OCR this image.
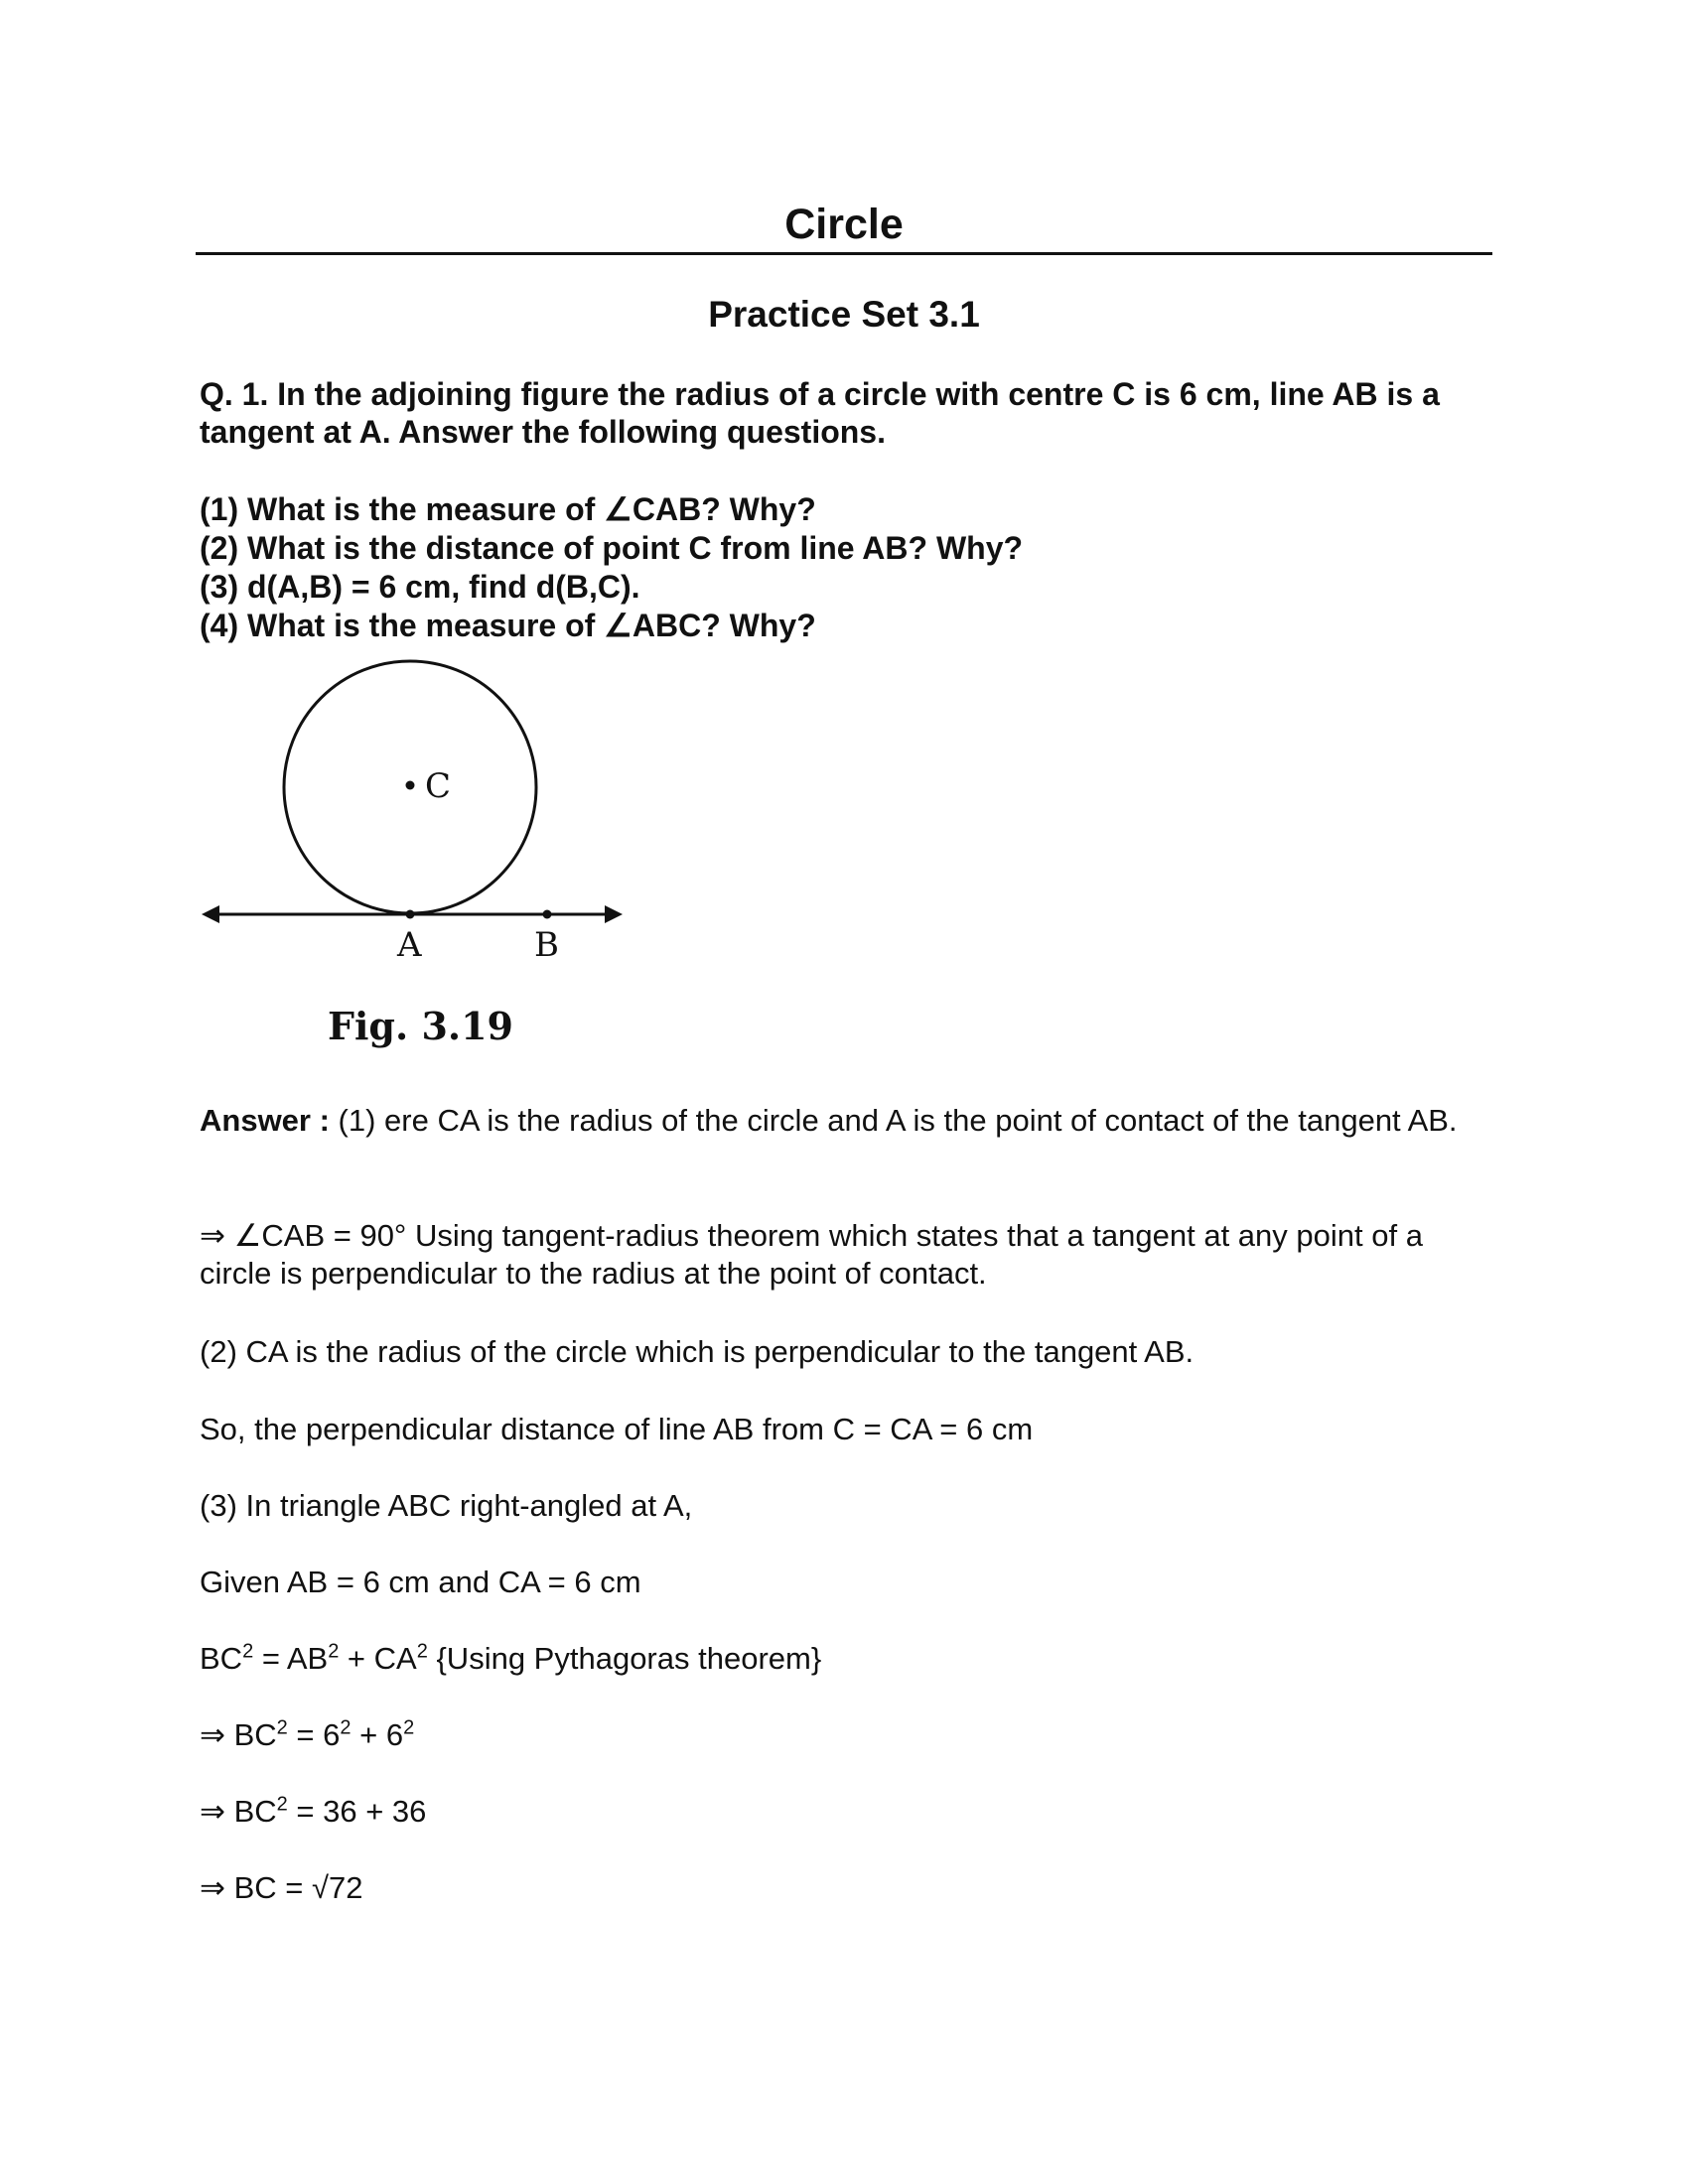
Circle
Practice Set 3.1
Q. 1. In the adjoining figure the radius of a circle with centre C is 6 cm, line AB is a tangent at A. Answer the following questions.
(1) What is the measure of ∠CAB? Why?
(2) What is the distance of point C from line AB? Why?
(3) d(A,B) = 6 cm, find d(B,C).
(4) What is the measure of ∠ABC? Why?
C
A	B
Fig. 3.19
Answer : (1) ere CA is the radius of the circle and A is the point of contact of the tangent AB.
⇒ ∠CAB = 90° Using tangent-radius theorem which states that a tangent at any point of a circle is perpendicular to the radius at the point of contact.
(2) CA is the radius of the circle which is perpendicular to the tangent AB.
So, the perpendicular distance of line AB from C = CA = 6 cm
(3) In triangle ABC right-angled at A,
Given AB = 6 cm and CA = 6 cm
$BC^2 = AB^2 + CA^2$ {Using Pythagoras theorem}
⇒ $BC^2 = 6^2 + 6^2$
⇒ $BC^2 = 36 + 36$
⇒ BC = √72
